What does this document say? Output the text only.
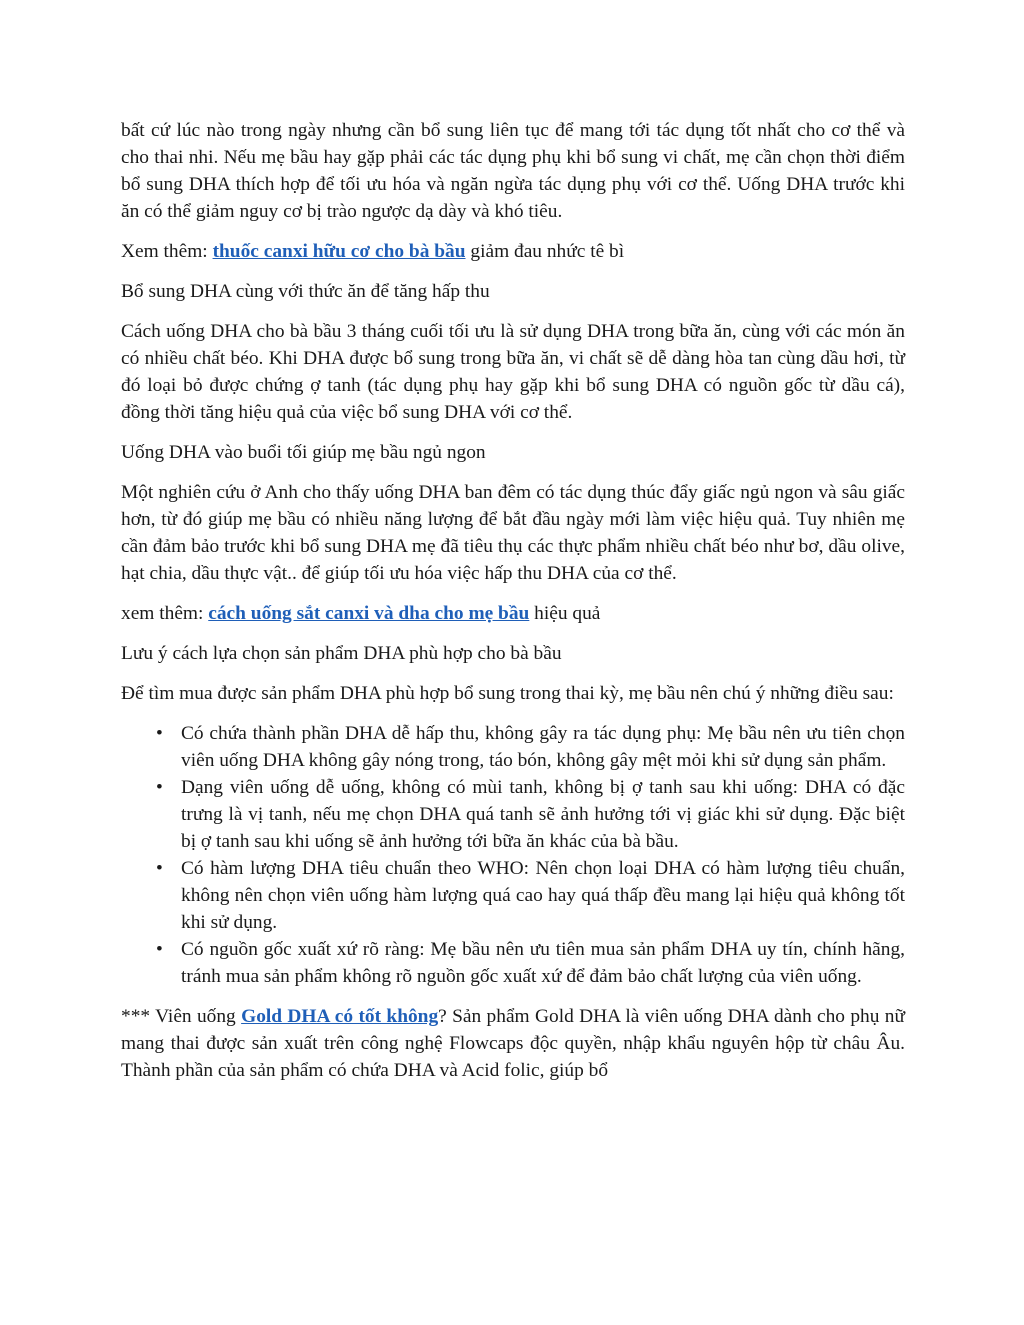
bất cứ lúc nào trong ngày nhưng cần bổ sung liên tục để mang tới tác dụng tốt nhất cho cơ thể và cho thai nhi. Nếu mẹ bầu hay gặp phải các tác dụng phụ khi bổ sung vi chất, mẹ cần chọn thời điểm bổ sung DHA thích hợp để tối ưu hóa và ngăn ngừa tác dụng phụ với cơ thể. Uống DHA trước khi ăn có thể giảm nguy cơ bị trào ngược dạ dày và khó tiêu.

Xem thêm: thuốc canxi hữu cơ cho bà bầu giảm đau nhức tê bì

Bổ sung DHA cùng với thức ăn để tăng hấp thu

Cách uống DHA cho bà bầu 3 tháng cuối tối ưu là sử dụng DHA trong bữa ăn, cùng với các món ăn có nhiều chất béo. Khi DHA được bổ sung trong bữa ăn, vi chất sẽ dễ dàng hòa tan cùng dầu hơi, từ đó loại bỏ được chứng ợ tanh (tác dụng phụ hay gặp khi bổ sung DHA có nguồn gốc từ dầu cá), đồng thời tăng hiệu quả của việc bổ sung DHA với cơ thể.

Uống DHA vào buổi tối giúp mẹ bầu ngủ ngon

Một nghiên cứu ở Anh cho thấy uống DHA ban đêm có tác dụng thúc đẩy giấc ngủ ngon và sâu giấc hơn, từ đó giúp mẹ bầu có nhiều năng lượng để bắt đầu ngày mới làm việc hiệu quả. Tuy nhiên mẹ cần đảm bảo trước khi bổ sung DHA mẹ đã tiêu thụ các thực phẩm nhiều chất béo như bơ, dầu olive, hạt chia, dầu thực vật.. để giúp tối ưu hóa việc hấp thu DHA của cơ thể.

xem thêm: cách uống sắt canxi và dha cho mẹ bầu hiệu quả

Lưu ý cách lựa chọn sản phẩm DHA phù hợp cho bà bầu

Để tìm mua được sản phẩm DHA phù hợp bổ sung trong thai kỳ, mẹ bầu nên chú ý những điều sau:

• Có chứa thành phần DHA dễ hấp thu, không gây ra tác dụng phụ: Mẹ bầu nên ưu tiên chọn viên uống DHA không gây nóng trong, táo bón, không gây mệt mỏi khi sử dụng sản phẩm.
• Dạng viên uống dễ uống, không có mùi tanh, không bị ợ tanh sau khi uống: DHA có đặc trưng là vị tanh, nếu mẹ chọn DHA quá tanh sẽ ảnh hưởng tới vị giác khi sử dụng. Đặc biệt bị ợ tanh sau khi uống sẽ ảnh hưởng tới bữa ăn khác của bà bầu.
• Có hàm lượng DHA tiêu chuẩn theo WHO: Nên chọn loại DHA có hàm lượng tiêu chuẩn, không nên chọn viên uống hàm lượng quá cao hay quá thấp đều mang lại hiệu quả không tốt khi sử dụng.
• Có nguồn gốc xuất xứ rõ ràng: Mẹ bầu nên ưu tiên mua sản phẩm DHA uy tín, chính hãng, tránh mua sản phẩm không rõ nguồn gốc xuất xứ để đảm bảo chất lượng của viên uống.

*** Viên uống Gold DHA có tốt không? Sản phẩm Gold DHA là viên uống DHA dành cho phụ nữ mang thai được sản xuất trên công nghệ Flowcaps độc quyền, nhập khẩu nguyên hộp từ châu Âu. Thành phần của sản phẩm có chứa DHA và Acid folic, giúp bổ
